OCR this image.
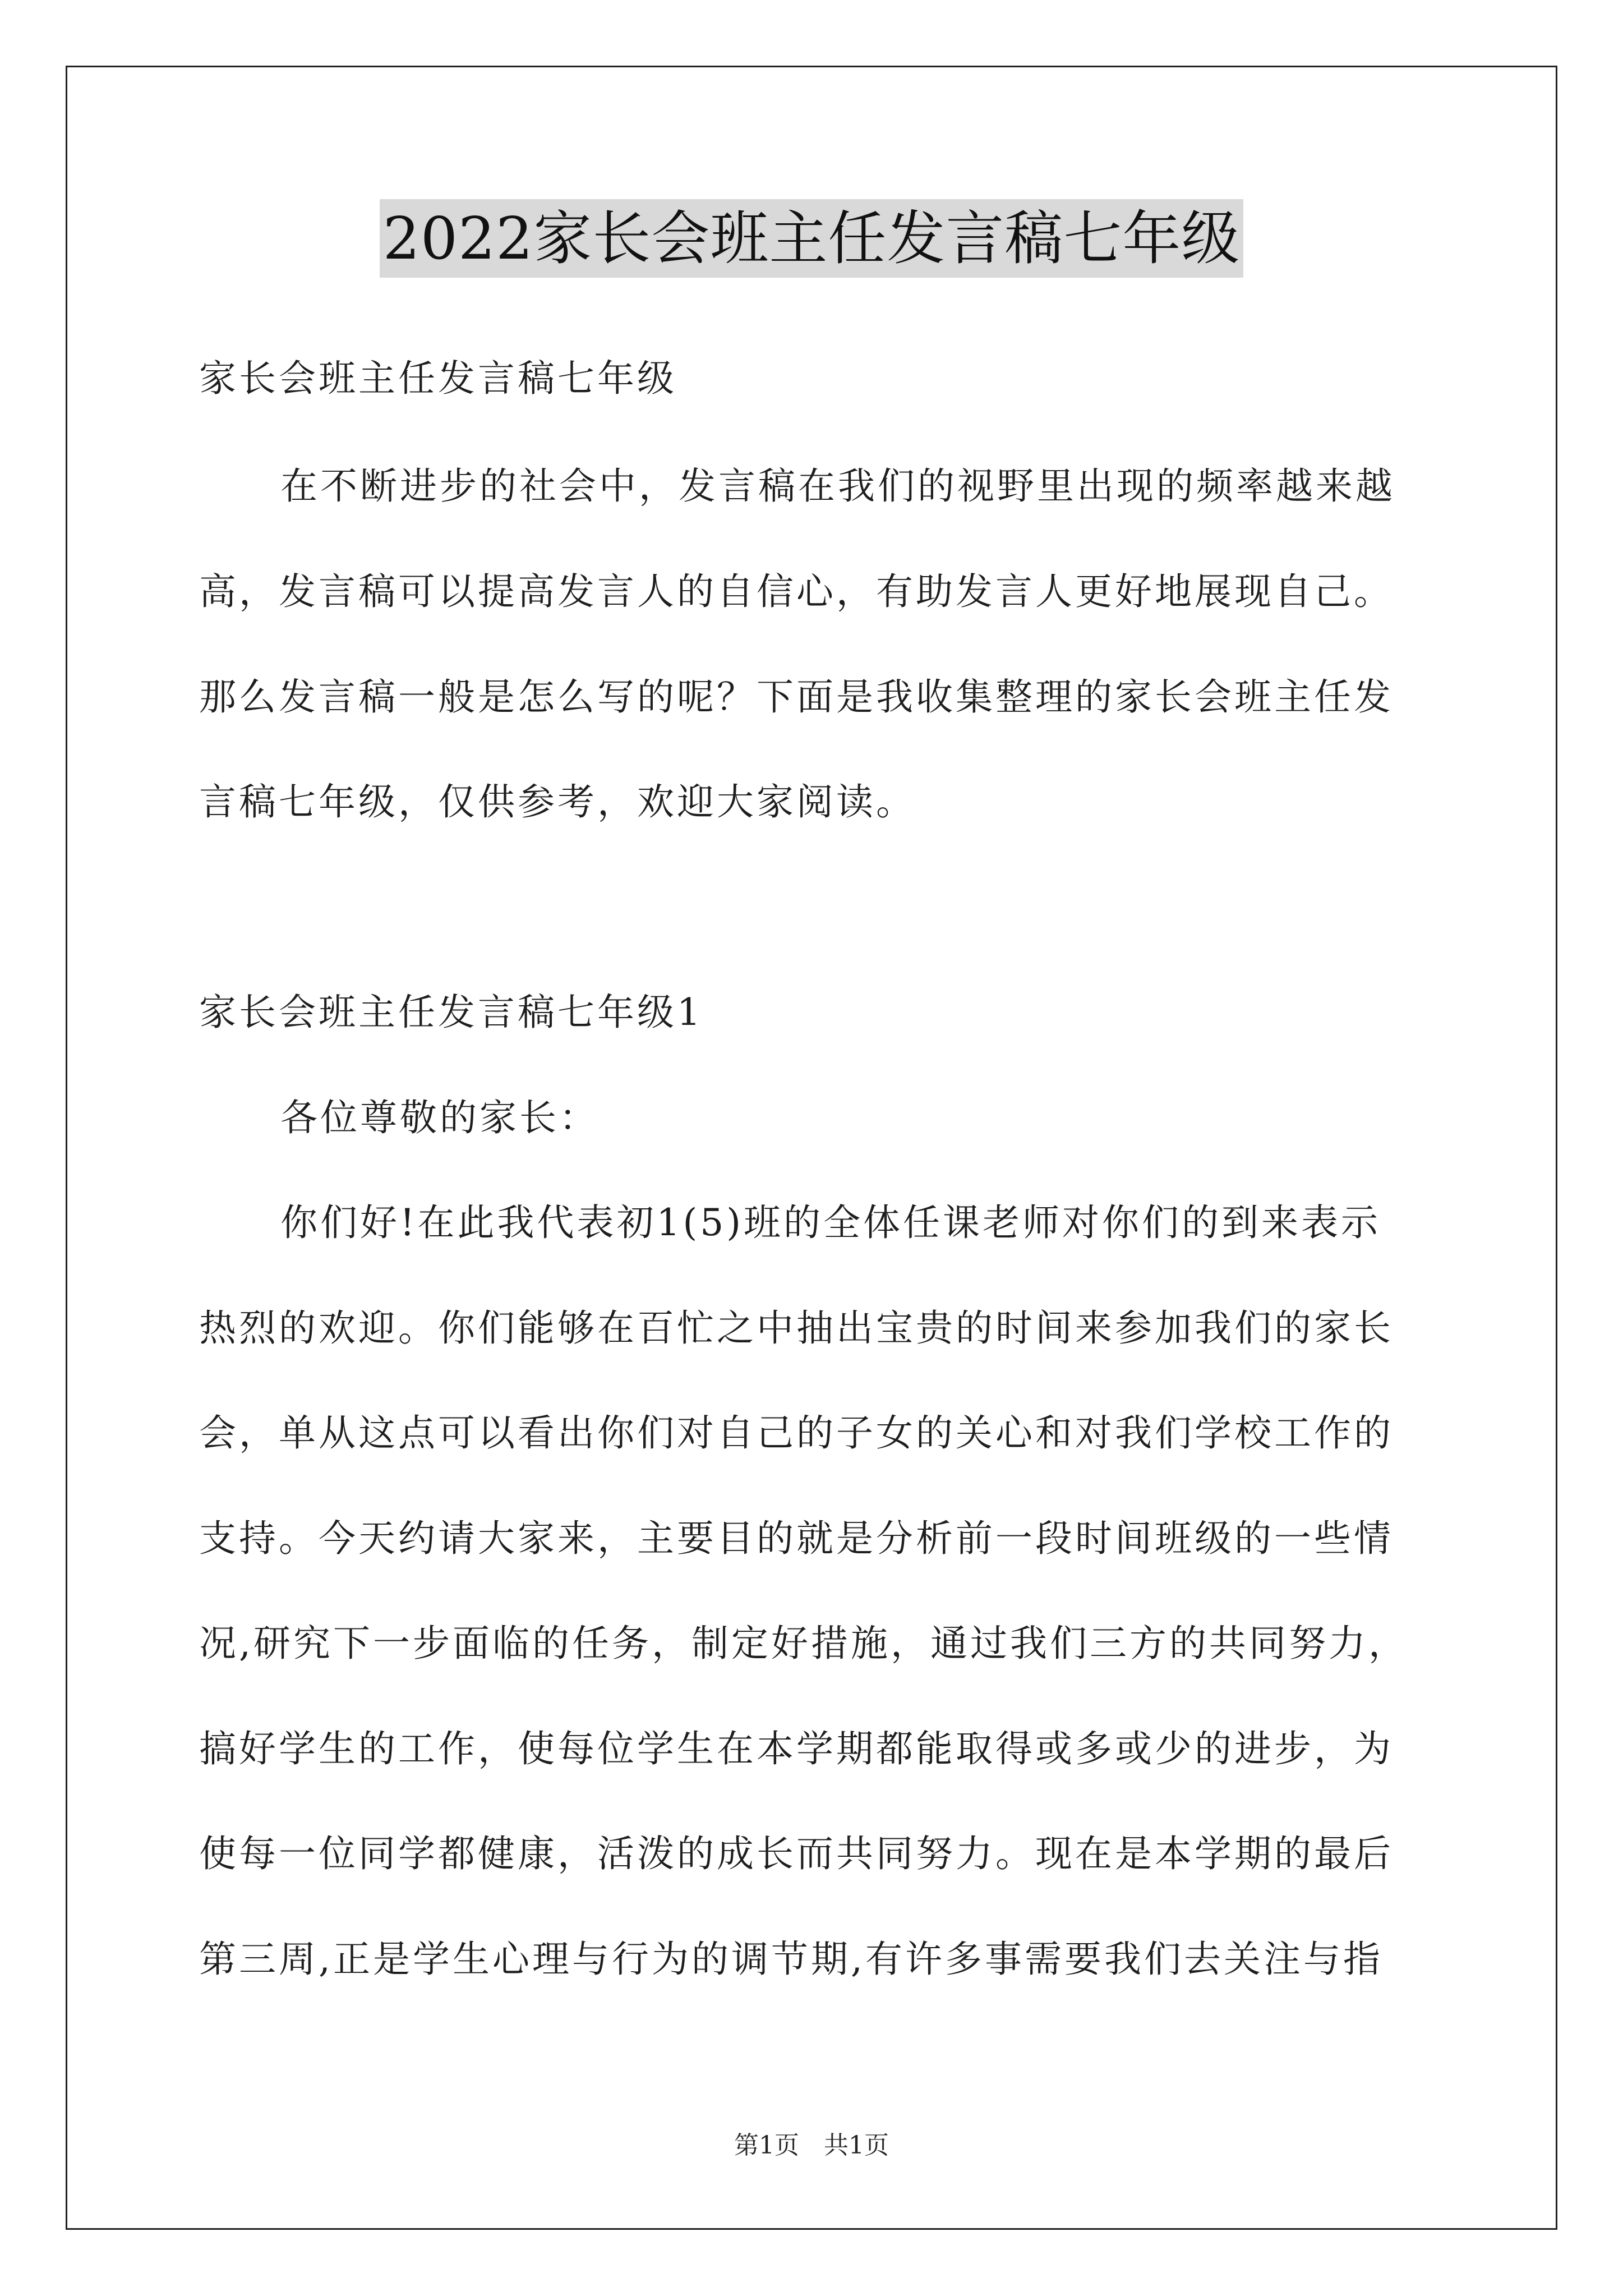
2022家长会班主任发言稿七年级
家长会班主任发言稿七年级
在不断进步的社会中，发言稿在我们的视野里出现的频率越来越
高，发言稿可以提高发言人的自信心，有助发言人更好地展现自己。
那么发言稿一般是怎么写的呢？下面是我收集整理的家长会班主任发
言稿七年级，仅供参考，欢迎大家阅读。
家长会班主任发言稿七年级1
各位尊敬的家长：
你们好!在此我代表初1(5)班的全体任课老师对你们的到来表示
热烈的欢迎。你们能够在百忙之中抽出宝贵的时间来参加我们的家长
会，单从这点可以看出你们对自己的子女的关心和对我们学校工作的
支持。今天约请大家来，主要目的就是分析前一段时间班级的一些情
况,研究下一步面临的任务，制定好措施，通过我们三方的共同努力，
搞好学生的工作，使每位学生在本学期都能取得或多或少的进步，为
使每一位同学都健康，活泼的成长而共同努力。现在是本学期的最后
第三周,正是学生心理与行为的调节期,有许多事需要我们去关注与指
第1页　共1页
